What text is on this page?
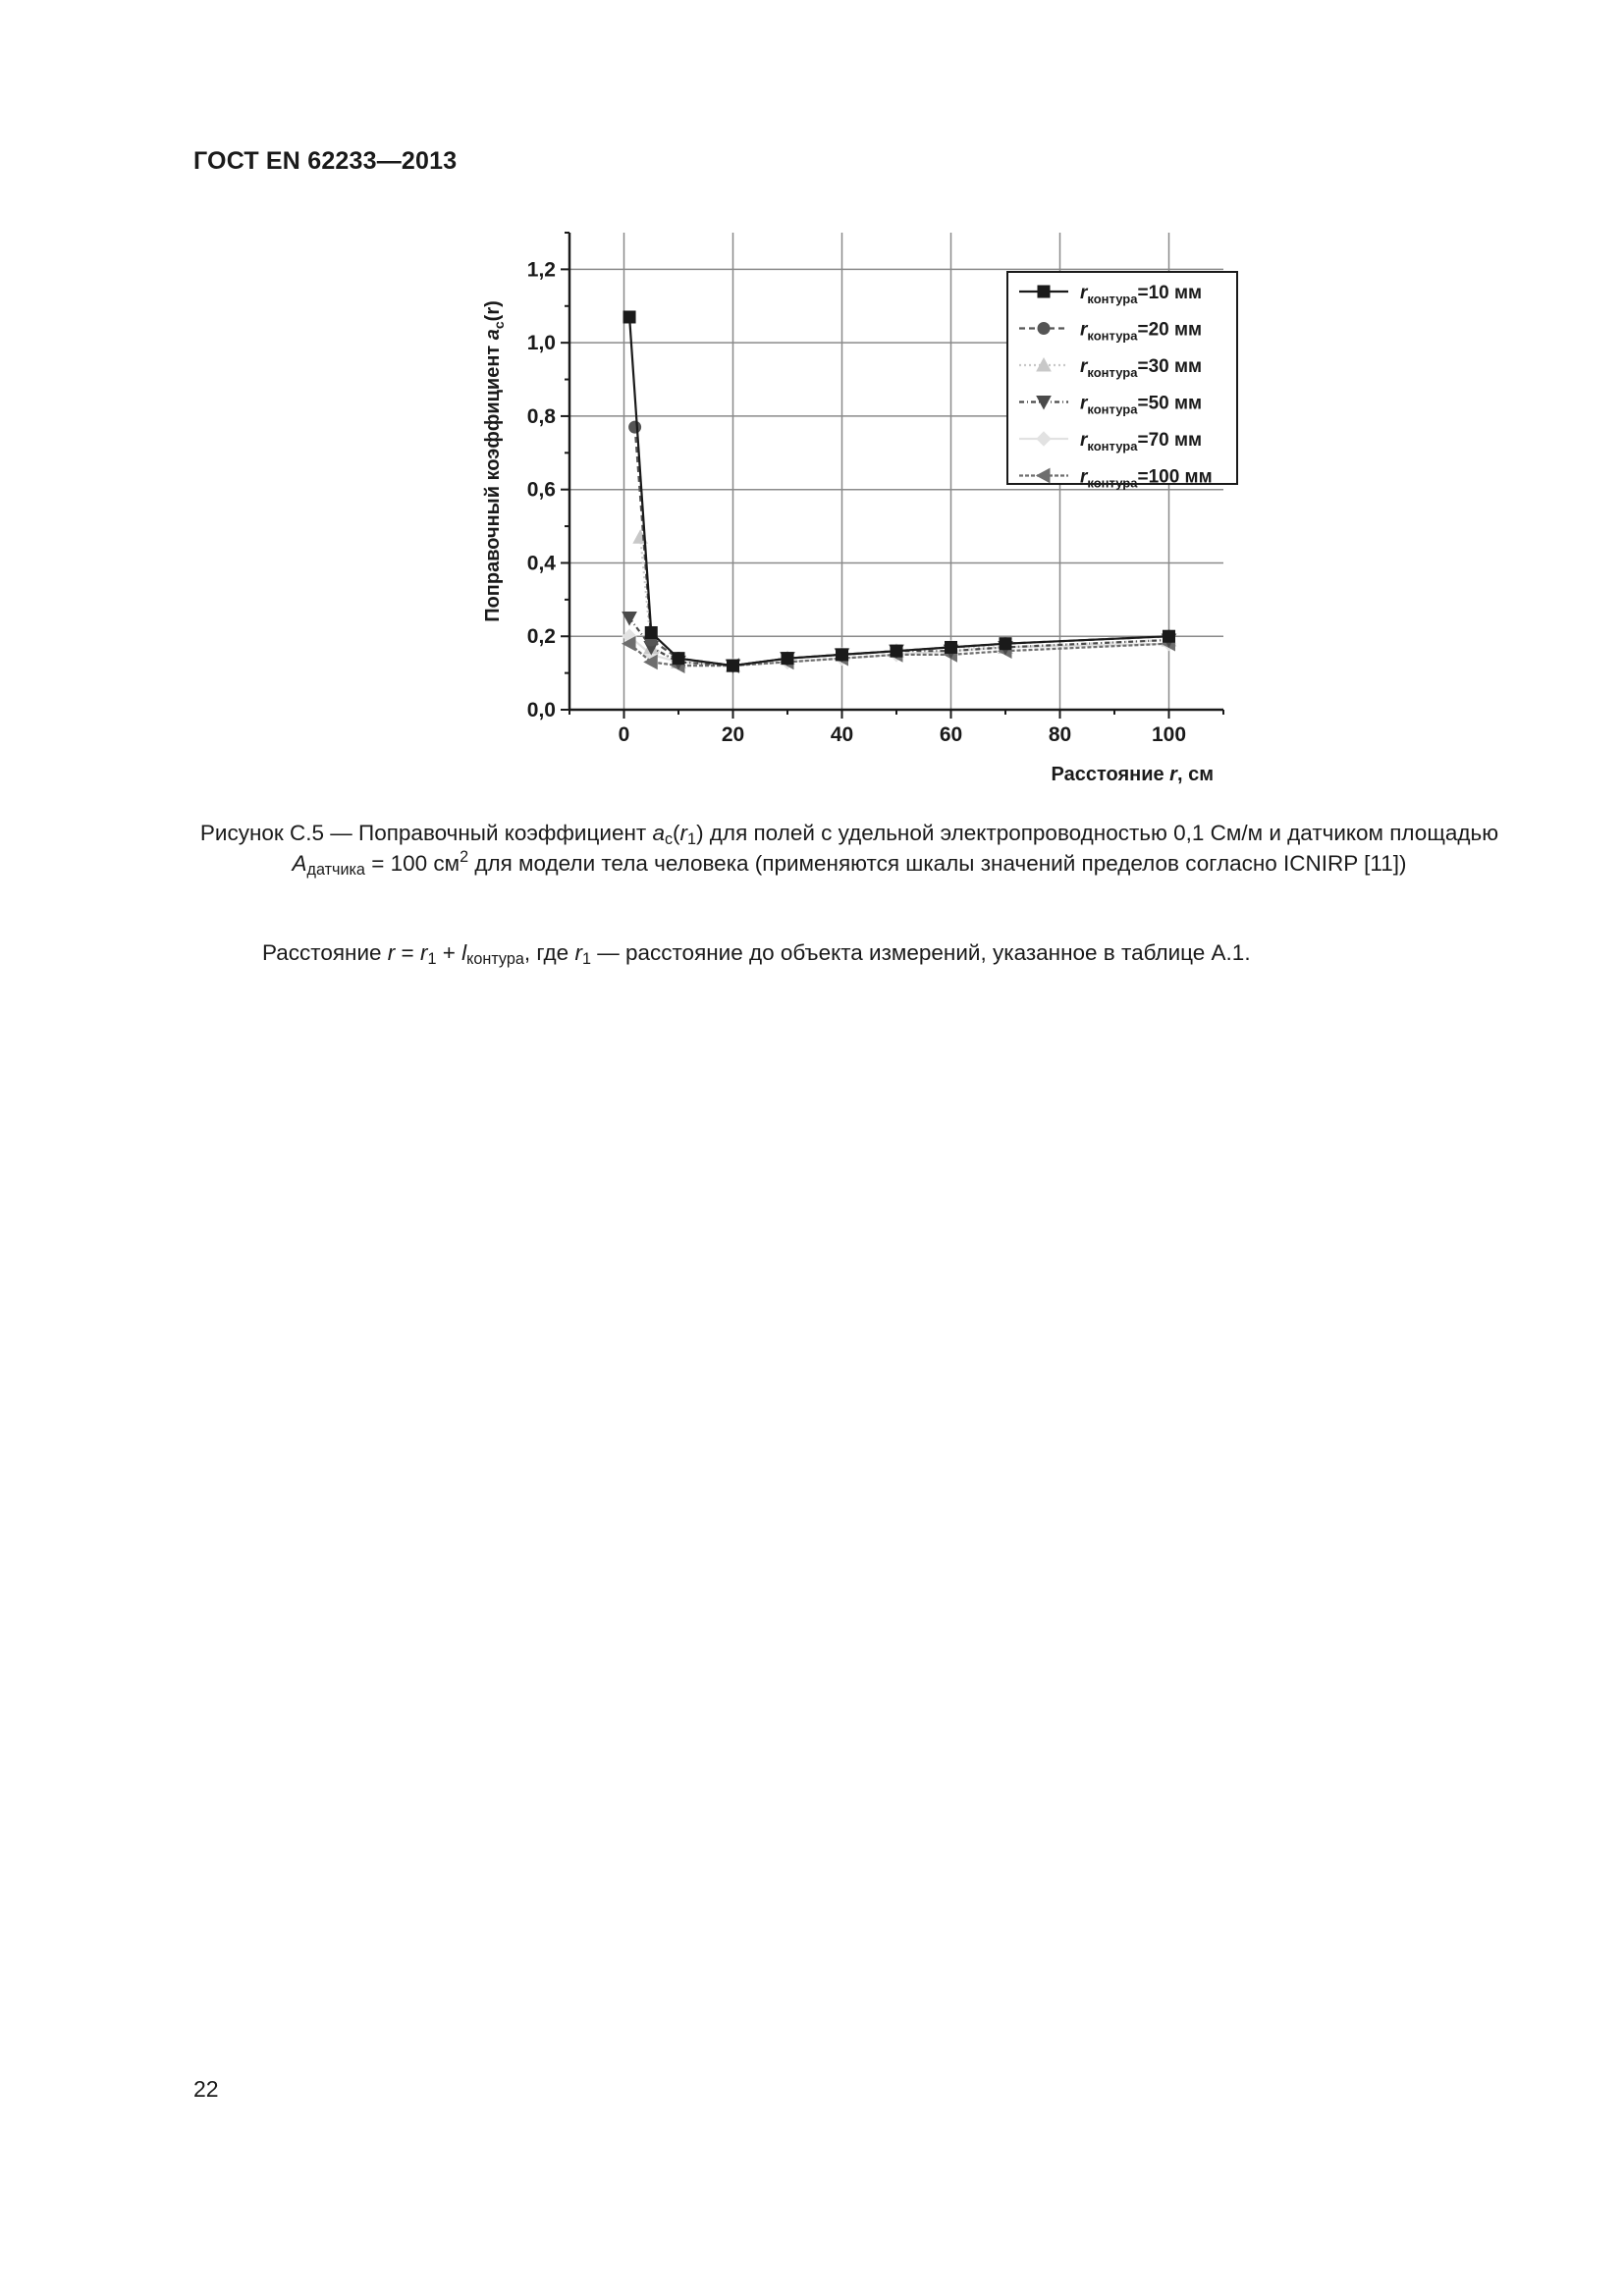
ГОСТ EN 62233—2013
0	20	40	60	80	100
0,0
0,2
0,4
0,6
0,8
1,0
1,2
Поправочный коэффициент $a_c(r)$
Расстояние r, см
$r_{контура}=10$ мм
$r_{контура}=20$ мм
$r_{контура}=30$ мм
$r_{контура}=50$ мм
$r_{контура}=70$ мм
$r_{контура}=100$ мм
Рисунок С.5 — Поправочный коэффициент $a_c(r_1)$ для полей с удельной электропроводностью 0,1 См/м и датчиком площадью $A_{датчика} = 100$ $см^2$ для модели тела человека (применяются шкалы значений пределов согласно ICNIRP [11])
Расстояние $r = r_1 + l_{контура}$, где $r_1$ — расстояние до объекта измерений, указанное в таблице А.1.
22
